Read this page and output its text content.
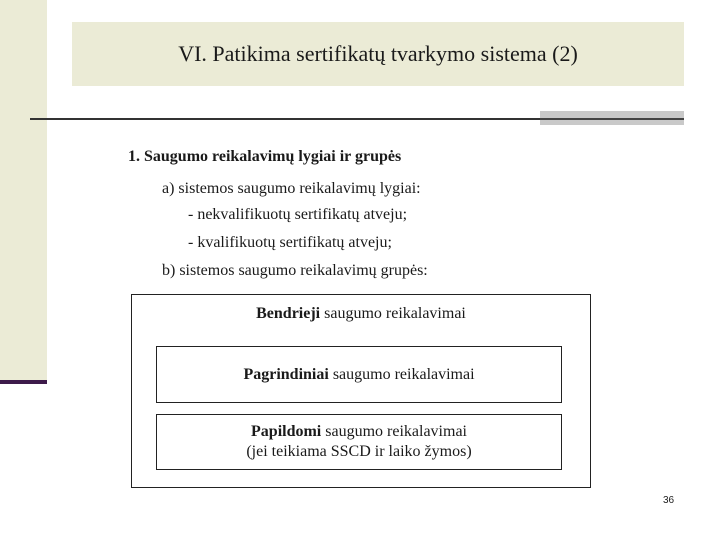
VI. Patikima sertifikatų tvarkymo sistema (2)
1. Saugumo reikalavimų lygiai ir grupės
a) sistemos saugumo reikalavimų lygiai:
- nekvalifikuotų sertifikatų atveju;
- kvalifikuotų sertifikatų atveju;
b) sistemos saugumo reikalavimų grupės:
Bendrieji saugumo reikalavimai
Pagrindiniai saugumo reikalavimai
Papildomi saugumo reikalavimai
(jei teikiama SSCD ir laiko žymos)
36
